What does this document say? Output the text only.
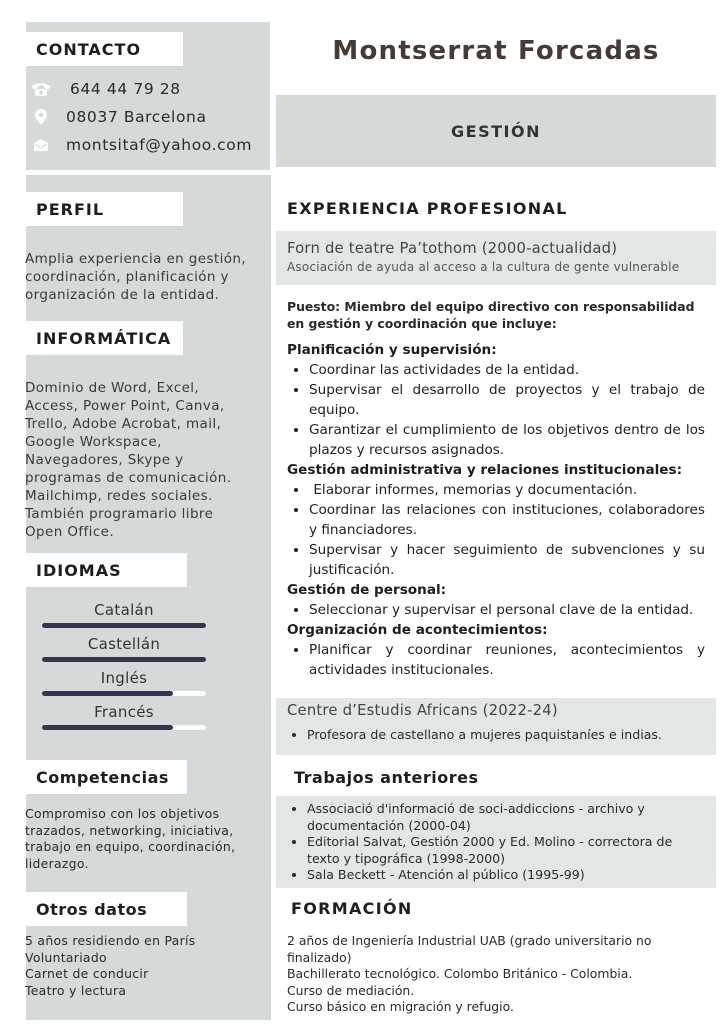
CONTACTO
644 44 79 28
08037 Barcelona
montsitaf@yahoo.com
PERFIL
Amplia experiencia en gestión, coordinación, planificación y organización de la entidad.
INFORMÁTICA
Dominio de Word, Excel, Access, Power Point, Canva, Trello, Adobe Acrobat, mail, Google Workspace, Navegadores, Skype y programas de comunicación. Mailchimp, redes sociales. También programario libre Open Office.
IDIOMAS
Catalán
Castellán
Inglés
Francés
Competencias
Compromiso con los objetivos trazados, networking, iniciativa, trabajo en equipo, coordinación, liderazgo.
Otros datos
5 años residiendo en París
Voluntariado
Carnet de conducir
Teatro y lectura
Montserrat Forcadas
GESTIÓN
EXPERIENCIA PROFESIONAL
Forn de teatre Pa’tothom (2000-actualidad)
Asociación de ayuda al acceso a la cultura de gente vulnerable
Puesto: Miembro del equipo directivo con responsabilidad en gestión y coordinación que incluye:
Planificación y supervisión:
• Coordinar las actividades de la entidad.
• Supervisar el desarrollo de proyectos y el trabajo de equipo.
• Garantizar el cumplimiento de los objetivos dentro de los plazos y recursos asignados.
Gestión administrativa y relaciones institucionales:
•  Elaborar informes, memorias y documentación.
• Coordinar las relaciones con instituciones, colaboradores y financiadores.
• Supervisar y hacer seguimiento de subvenciones y su justificación.
Gestión de personal:
• Seleccionar y supervisar el personal clave de la entidad.
Organización de acontecimientos:
• Planificar y coordinar reuniones, acontecimientos y actividades institucionales.
Centre d’Estudis Africans (2022-24)
• Profesora de castellano a mujeres paquistaníes e indias.
Trabajos anteriores
• Associació d'informació de soci-addiccions - archivo y documentación (2000-04)
• Editorial Salvat, Gestión 2000 y Ed. Molino - correctora de texto y tipográfica (1998-2000)
• Sala Beckett - Atención al público (1995-99)
FORMACIÓN
2 años de Ingeniería Industrial UAB (grado universitario no finalizado)
Bachillerato tecnológico. Colombo Británico - Colombia.
Curso de mediación.
Curso básico en migración y refugio.
